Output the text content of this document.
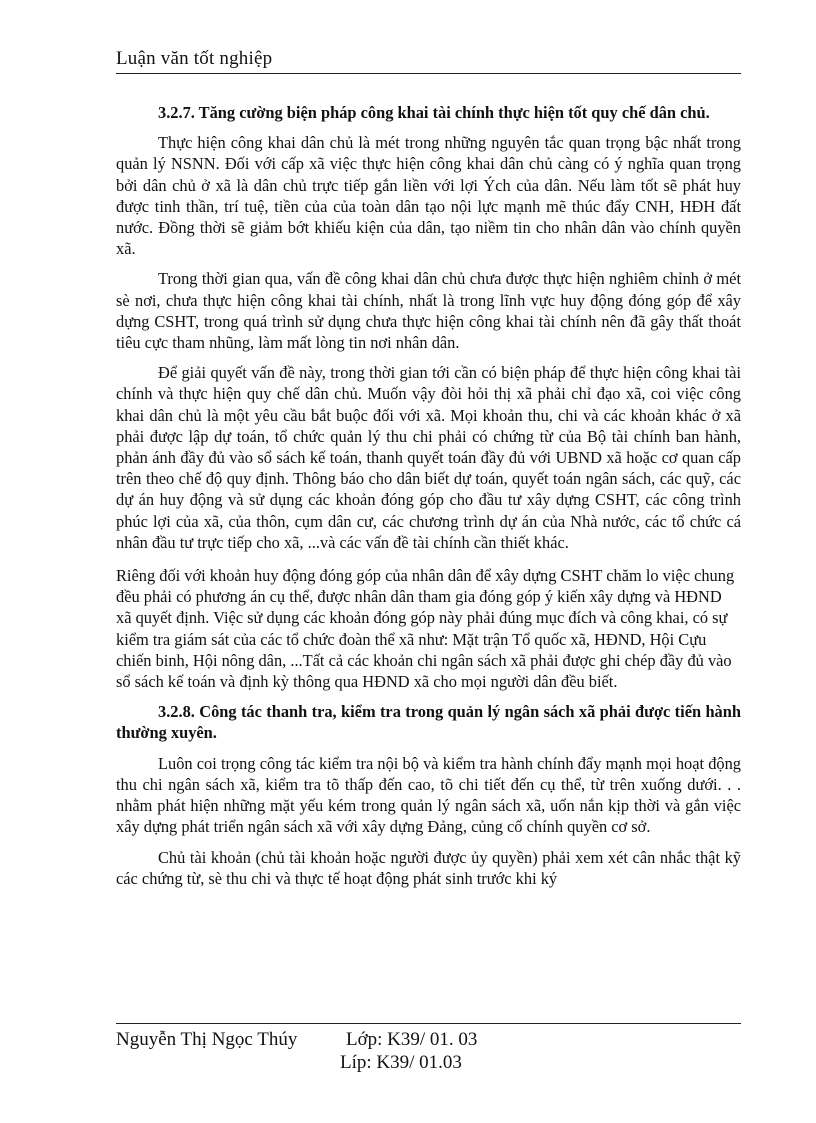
Luận văn tốt nghiệp

3.2.7. Tăng cường biện pháp công khai tài chính thực hiện tốt quy chế dân chủ.

Thực hiện công khai dân chủ là mét trong những nguyên tắc quan trọng bậc nhất trong quản lý NSNN. Đối với cấp xã việc thực hiện công khai dân chủ càng có ý nghĩa quan trọng bởi dân chủ ở xã là dân chủ trực tiếp gắn liền với lợi Ých của dân. Nếu làm tốt sẽ phát huy được tinh thần, trí tuệ, tiền của của toàn dân tạo nội lực mạnh mẽ thúc đẩy CNH, HĐH đất nước. Đồng thời sẽ giảm bớt khiếu kiện của dân, tạo niềm tin cho nhân dân vào chính quyền xã.

Trong thời gian qua, vấn đề công khai dân chủ chưa được thực hiện nghiêm chỉnh ở mét sè nơi, chưa thực hiện công khai tài chính, nhất là trong lĩnh vực huy động đóng góp để xây dựng CSHT, trong quá trình sử dụng chưa thực hiện công khai tài chính nên đã gây thất thoát tiêu cực tham nhũng, làm mất lòng tin nơi nhân dân.

Để giải quyết vấn đề này, trong thời gian tới cần có biện pháp để thực hiện công khai tài chính và thực hiện quy chế dân chủ. Muốn vậy đòi hỏi thị xã phải chỉ đạo xã, coi việc công khai dân chủ là một yêu cầu bắt buộc đối với xã. Mọi khoản thu, chi và các khoản khác ở xã phải được lập dự toán, tổ chức quản lý thu chi phải có chứng từ của Bộ tài chính ban hành, phản ánh đầy đủ vào sổ sách kế toán, thanh quyết toán đầy đủ với UBND xã hoặc cơ quan cấp trên theo chế độ quy định. Thông báo cho dân biết dự toán, quyết toán ngân sách, các quỹ, các dự án huy động và sử dụng các khoản đóng góp cho đầu tư xây dựng CSHT, các công trình phúc lợi của xã, của thôn, cụm dân cư, các chương trình dự án của Nhà nước, các tổ chức cá nhân đầu tư trực tiếp cho xã, ...và các vấn đề tài chính cần thiết khác.

Riêng đối với khoản huy động đóng góp của nhân dân để xây dựng CSHT chăm lo việc chung đều phải có phương án cụ thể, được nhân dân tham gia đóng góp ý kiến xây dựng và HĐND xã quyết định. Việc sử dụng các khoản đóng góp này phải đúng mục đích và công khai, có sự kiểm tra giám sát của các tổ chức đoàn thể xã như: Mặt trận Tổ quốc xã, HĐND, Hội Cựu chiến binh, Hội nông dân, ...Tất cả các khoản chi ngân sách xã phải được ghi chép đầy đủ vào sổ sách kế toán và định kỳ thông qua HĐND xã cho mọi người dân đều biết.

3.2.8. Công tác thanh tra, kiểm tra trong quản lý ngân sách xã phải được tiến hành thường xuyên.

Luôn coi trọng công tác kiểm tra nội bộ và kiểm tra hành chính đẩy mạnh mọi hoạt động thu chi ngân sách xã, kiểm tra tõ thấp đến cao, tõ chi tiết đến cụ thể, từ trên xuống dưới. . . nhằm phát hiện những mặt yếu kém trong quản lý ngân sách xã, uốn nắn kịp thời và gắn việc xây dựng phát triển ngân sách xã với xây dựng Đảng, củng cố chính quyền cơ sở.

Chủ tài khoản (chủ tài khoản hoặc người được ủy quyền) phải xem xét cân nhắc thật kỹ các chứng từ, sè thu chi và thực tế hoạt động phát sinh trước khi ký

Nguyễn Thị Ngọc Thúy	Lớp: K39/ 01. 03
Líp: K39/ 01.03
